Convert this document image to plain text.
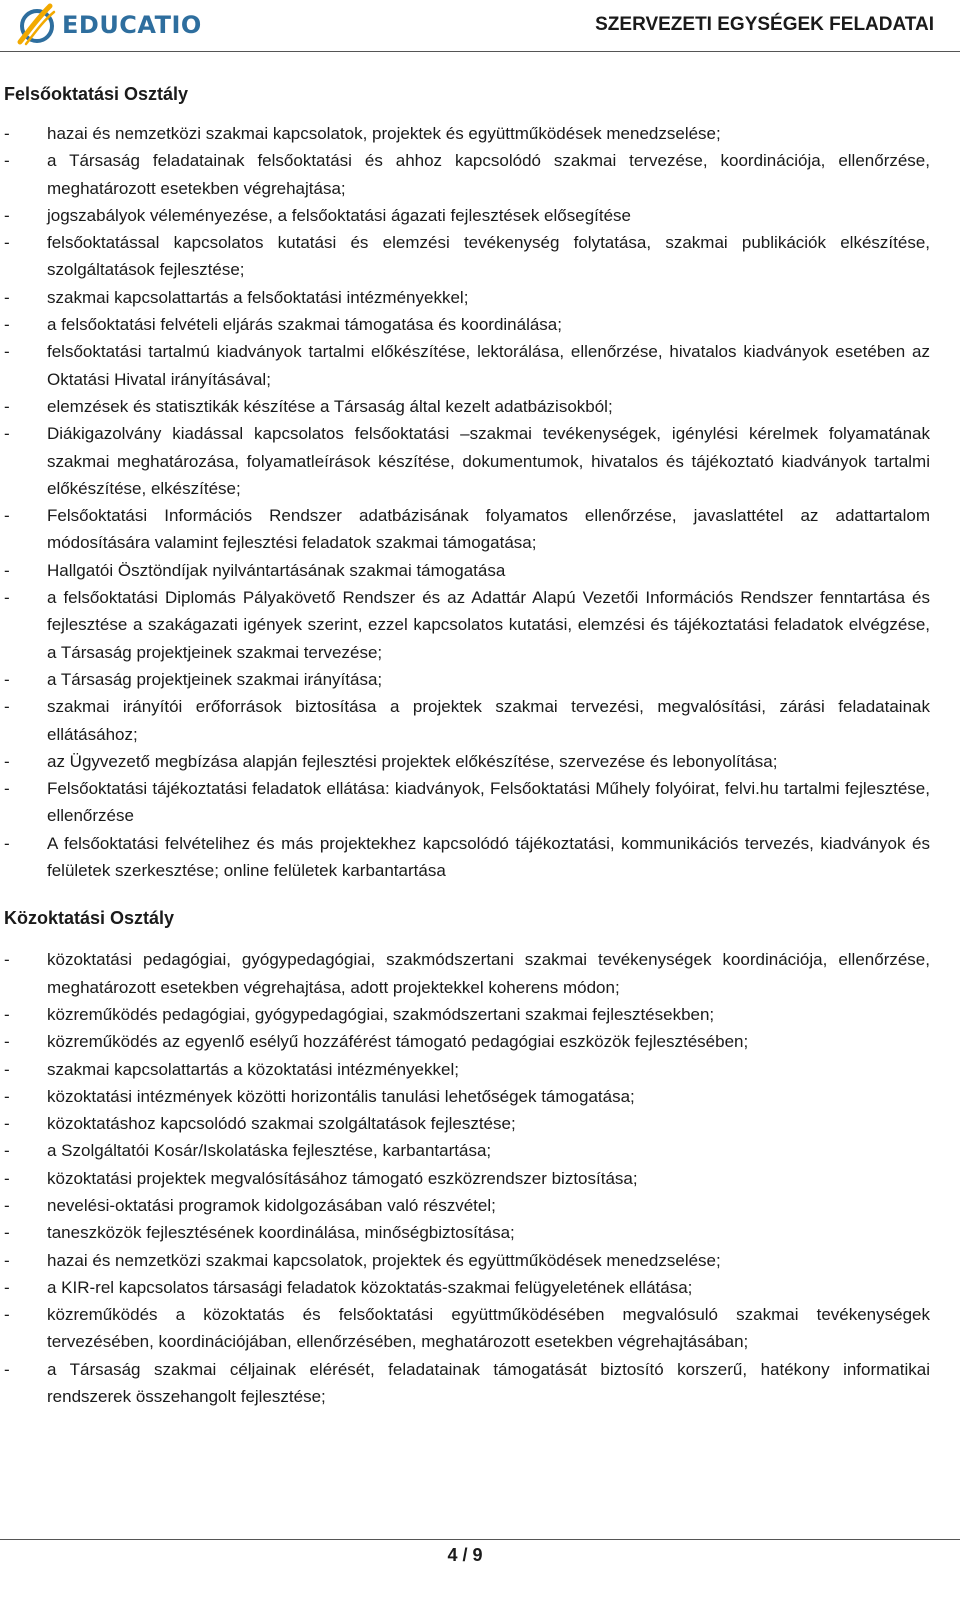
EDUCATIO	SZERVEZETI EGYSÉGEK FELADATAI
Felsőoktatási Osztály
- hazai és nemzetközi szakmai kapcsolatok, projektek és együttműködések menedzselése;
- a Társaság feladatainak felsőoktatási és ahhoz kapcsolódó szakmai tervezése, koordinációja, ellenőrzése, meghatározott esetekben végrehajtása;
- jogszabályok véleményezése, a felsőoktatási ágazati fejlesztések elősegítése
- felsőoktatással kapcsolatos kutatási és elemzési tevékenység folytatása, szakmai publikációk elkészítése, szolgáltatások fejlesztése;
- szakmai kapcsolattartás a felsőoktatási intézményekkel;
- a felsőoktatási felvételi eljárás szakmai támogatása és koordinálása;
- felsőoktatási tartalmú kiadványok tartalmi előkészítése, lektorálása, ellenőrzése, hivatalos kiadványok esetében az Oktatási Hivatal irányításával;
- elemzések és statisztikák készítése a Társaság által kezelt adatbázisokból;
- Diákigazolvány kiadással kapcsolatos felsőoktatási –szakmai tevékenységek, igénylési kérelmek folyamatának szakmai meghatározása, folyamatleírások készítése, dokumentumok, hivatalos és tájékoztató kiadványok tartalmi előkészítése, elkészítése;
- Felsőoktatási Információs Rendszer adatbázisának folyamatos ellenőrzése, javaslattétel az adattartalom módosítására valamint fejlesztési feladatok szakmai támogatása;
- Hallgatói Ösztöndíjak nyilvántartásának szakmai támogatása
- a felsőoktatási Diplomás Pályakövető Rendszer és az Adattár Alapú Vezetői Információs Rendszer fenntartása és fejlesztése a szakágazati igények szerint, ezzel kapcsolatos kutatási, elemzési és tájékoztatási feladatok elvégzése, a Társaság projektjeinek szakmai tervezése;
- a Társaság projektjeinek szakmai irányítása;
- szakmai irányítói erőforrások biztosítása a projektek szakmai tervezési, megvalósítási, zárási feladatainak ellátásához;
- az Ügyvezető megbízása alapján fejlesztési projektek előkészítése, szervezése és lebonyolítása;
- Felsőoktatási tájékoztatási feladatok ellátása: kiadványok, Felsőoktatási Műhely folyóirat, felvi.hu tartalmi fejlesztése, ellenőrzése
- A felsőoktatási felvételihez és más projektekhez kapcsolódó tájékoztatási, kommunikációs tervezés, kiadványok és felületek szerkesztése; online felületek karbantartása
Közoktatási Osztály
- közoktatási pedagógiai, gyógypedagógiai, szakmódszertani szakmai tevékenységek koordinációja, ellenőrzése, meghatározott esetekben végrehajtása, adott projektekkel koherens módon;
- közreműködés pedagógiai, gyógypedagógiai, szakmódszertani szakmai fejlesztésekben;
- közreműködés az egyenlő esélyű hozzáférést támogató pedagógiai eszközök fejlesztésében;
- szakmai kapcsolattartás a közoktatási intézményekkel;
- közoktatási intézmények közötti horizontális tanulási lehetőségek támogatása;
- közoktatáshoz kapcsolódó szakmai szolgáltatások fejlesztése;
- a Szolgáltatói Kosár/Iskolatáska fejlesztése, karbantartása;
- közoktatási projektek megvalósításához támogató eszközrendszer biztosítása;
- nevelési-oktatási programok kidolgozásában való részvétel;
- taneszközök fejlesztésének koordinálása, minőségbiztosítása;
- hazai és nemzetközi szakmai kapcsolatok, projektek és együttműködések menedzselése;
- a KIR-rel kapcsolatos társasági feladatok közoktatás-szakmai felügyeletének ellátása;
- közreműködés a közoktatás és felsőoktatási együttműködésében megvalósuló szakmai tevékenységek tervezésében, koordinációjában, ellenőrzésében, meghatározott esetekben végrehajtásában;
- a Társaság szakmai céljainak elérését, feladatainak támogatását biztosító korszerű, hatékony informatikai rendszerek összehangolt fejlesztése;
4 / 9
